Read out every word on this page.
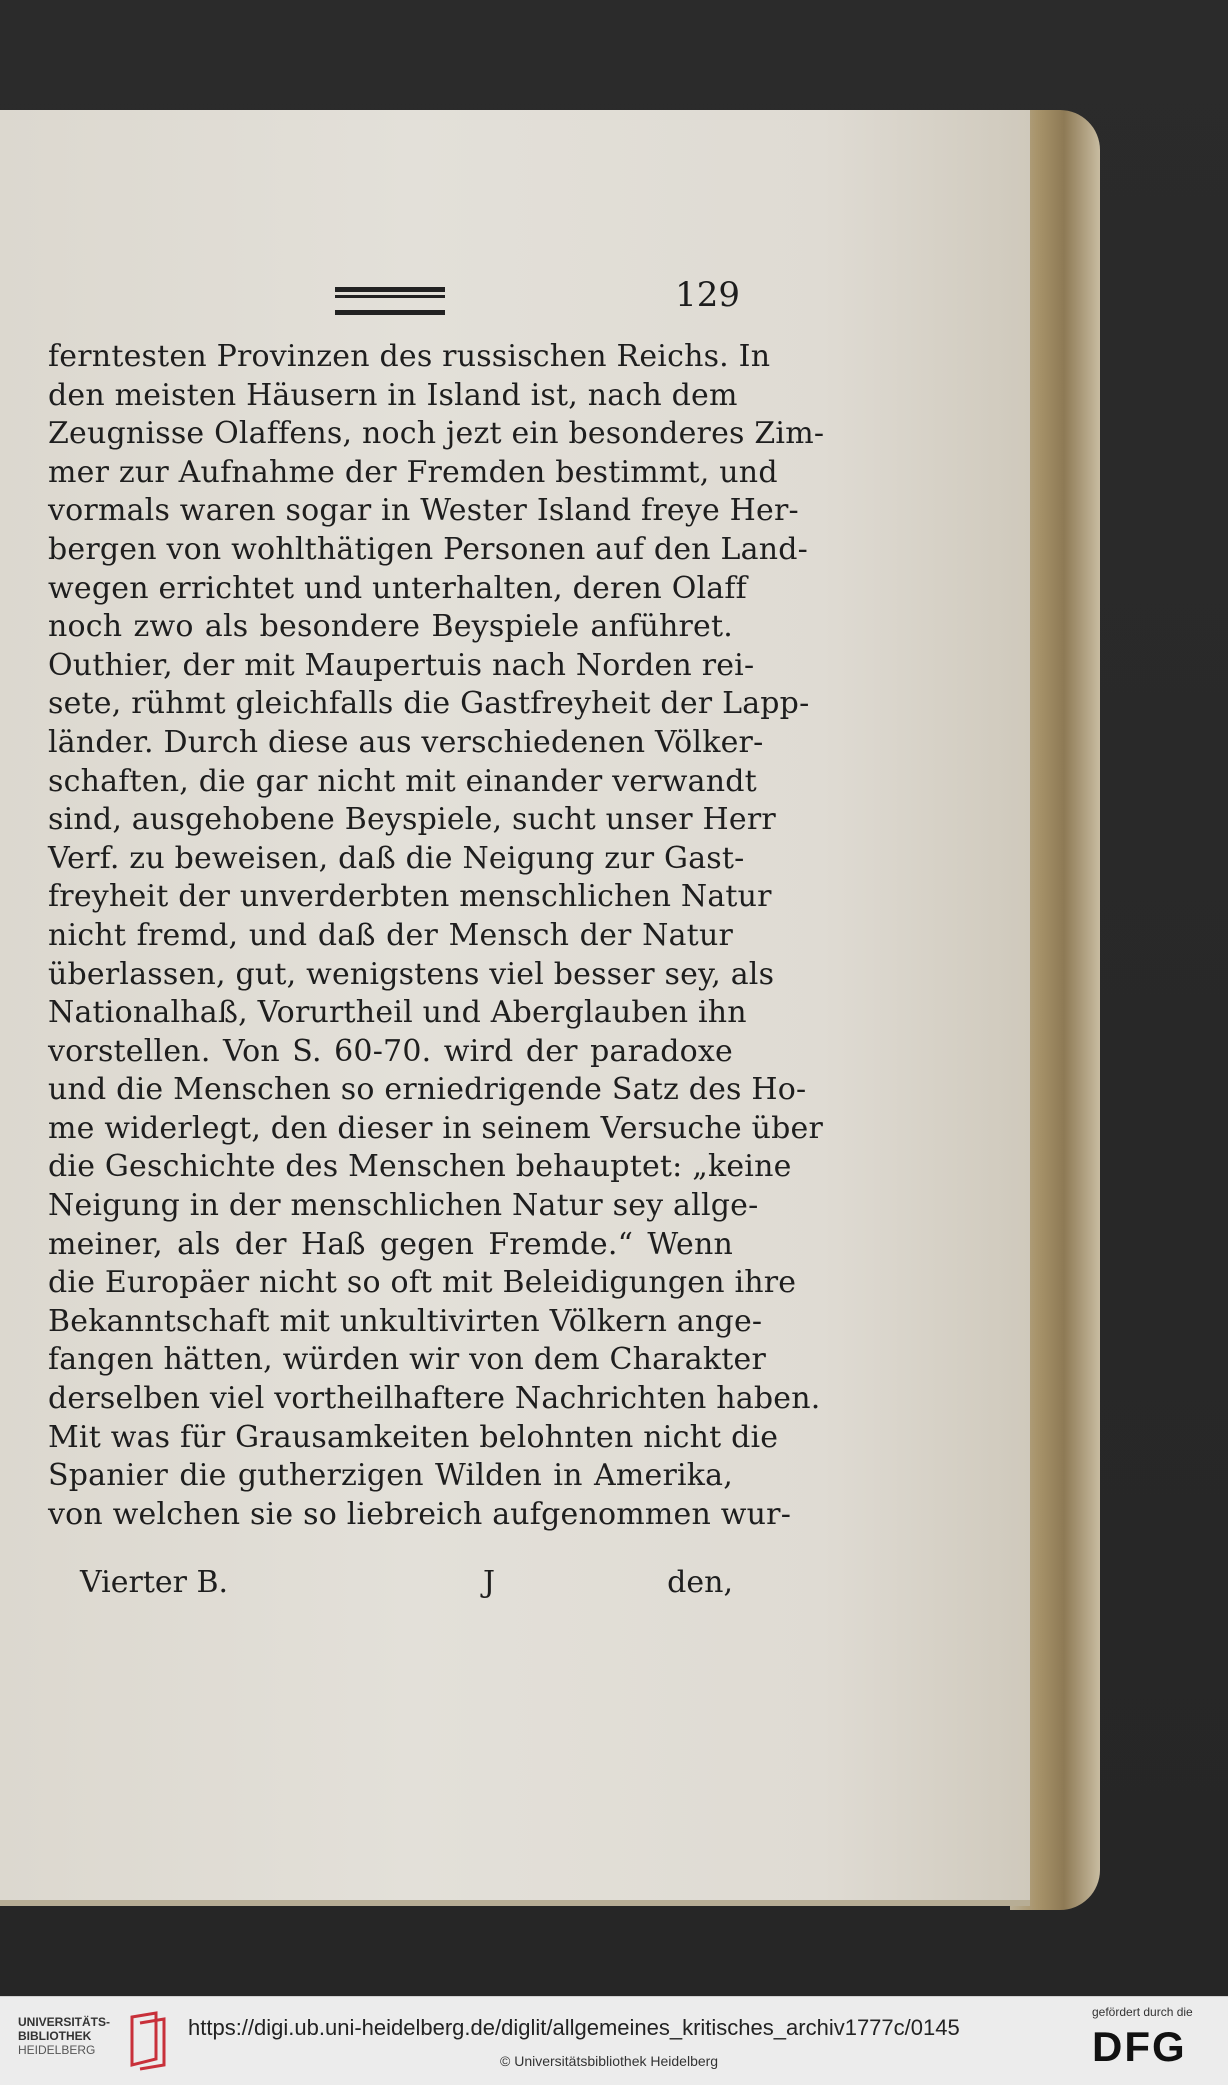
129
ferntesten Provinzen des russischen Reichs. In
den meisten Häusern in Island ist, nach dem
Zeugnisse Olaffens, noch jezt ein besonderes Zim-
mer zur Aufnahme der Fremden bestimmt, und
vormals waren sogar in Wester Island freye Her-
bergen von wohlthätigen Personen auf den Land-
wegen errichtet und unterhalten, deren Olaff
noch zwo als besondere Beyspiele anführet.
Outhier, der mit Maupertuis nach Norden rei-
sete, rühmt gleichfalls die Gastfreyheit der Lapp-
länder. Durch diese aus verschiedenen Völker-
schaften, die gar nicht mit einander verwandt
sind, ausgehobene Beyspiele, sucht unser Herr
Verf. zu beweisen, daß die Neigung zur Gast-
freyheit der unverderbten menschlichen Natur
nicht fremd, und daß der Mensch der Natur
überlassen, gut, wenigstens viel besser sey, als
Nationalhaß, Vorurtheil und Aberglauben ihn
vorstellen. Von S. 60-70. wird der paradoxe
und die Menschen so erniedrigende Satz des Ho-
me widerlegt, den dieser in seinem Versuche über
die Geschichte des Menschen behauptet: „keine
Neigung in der menschlichen Natur sey allge-
meiner, als der Haß gegen Fremde.“ Wenn
die Europäer nicht so oft mit Beleidigungen ihre
Bekanntschaft mit unkultivirten Völkern ange-
fangen hätten, würden wir von dem Charakter
derselben viel vortheilhaftere Nachrichten haben.
Mit was für Grausamkeiten belohnten nicht die
Spanier die gutherzigen Wilden in Amerika,
von welchen sie so liebreich aufgenommen wur-
Vierter B.	J	den,
UNIVERSITÄTS-
BIBLIOTHEK
HEIDELBERG
https://digi.ub.uni-heidelberg.de/diglit/allgemeines_kritisches_archiv1777c/0145
© Universitätsbibliothek Heidelberg
gefördert durch die
DFG
